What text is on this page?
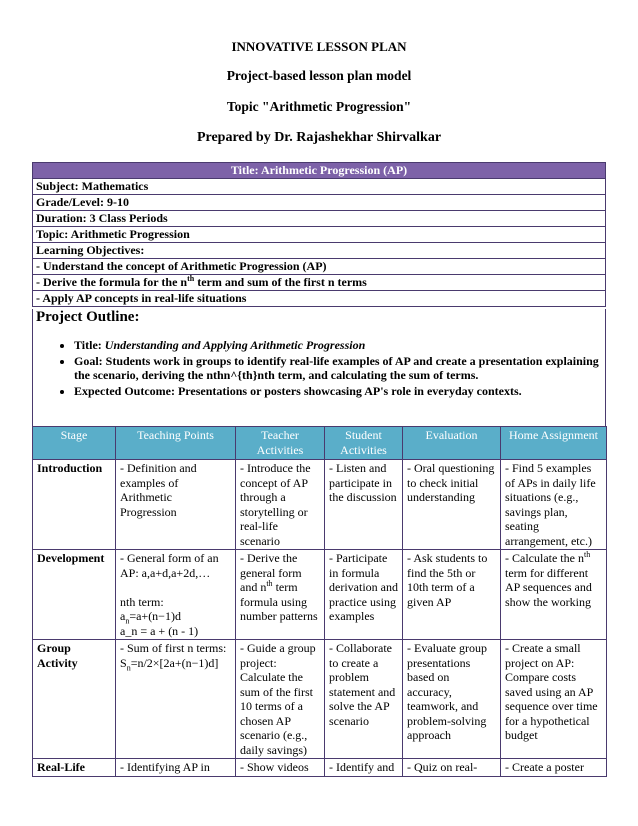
INNOVATIVE LESSON PLAN
Project-based lesson plan model
Topic "Arithmetic Progression"
Prepared by Dr. Rajashekhar Shirvalkar
Title: Arithmetic Progression (AP)
Subject: Mathematics
Grade/Level: 9-10
Duration: 3 Class Periods
Topic: Arithmetic Progression
Learning Objectives:
- Understand the concept of Arithmetic Progression (AP)
- Derive the formula for the $n^{th}$ term and sum of the first n terms
- Apply AP concepts in real-life situations
Project Outline:
• Title: Understanding and Applying Arithmetic Progression
• Goal: Students work in groups to identify real-life examples of AP and create a presentation explaining the scenario, deriving the nthn^{th}nth term, and calculating the sum of terms.
• Expected Outcome: Presentations or posters showcasing AP's role in everyday contexts.
Stage	Teaching Points	Teacher Activities	Student Activities	Evaluation	Home Assignment
Introduction	- Definition and examples of Arithmetic Progression	- Introduce the concept of AP through a storytelling or real-life scenario	- Listen and participate in the discussion	- Oral questioning to check initial understanding	- Find 5 examples of APs in daily life situations (e.g., savings plan, seating arrangement, etc.)
Development	- General form of an AP: a,a+d,a+2d,…
nth term:
$a_n=a+(n-1)d$
a_n = a + (n - 1)	- Derive the general form and $n^{th}$ term formula using number patterns	- Participate in formula derivation and practice using examples	- Ask students to find the 5th or 10th term of a given AP	- Calculate the $n^{th}$ term for different AP sequences and show the working
Group Activity	- Sum of first n terms: $S_n=n/2\times[2a+(n-1)d]$	- Guide a group project: Calculate the sum of the first 10 terms of a chosen AP scenario (e.g., daily savings)	- Collaborate to create a problem statement and solve the AP scenario	- Evaluate group presentations based on accuracy, teamwork, and problem-solving approach	- Create a small project on AP: Compare costs saved using an AP sequence over time for a hypothetical budget
Real-Life	- Identifying AP in	- Show videos	- Identify and	- Quiz on real-	- Create a poster
